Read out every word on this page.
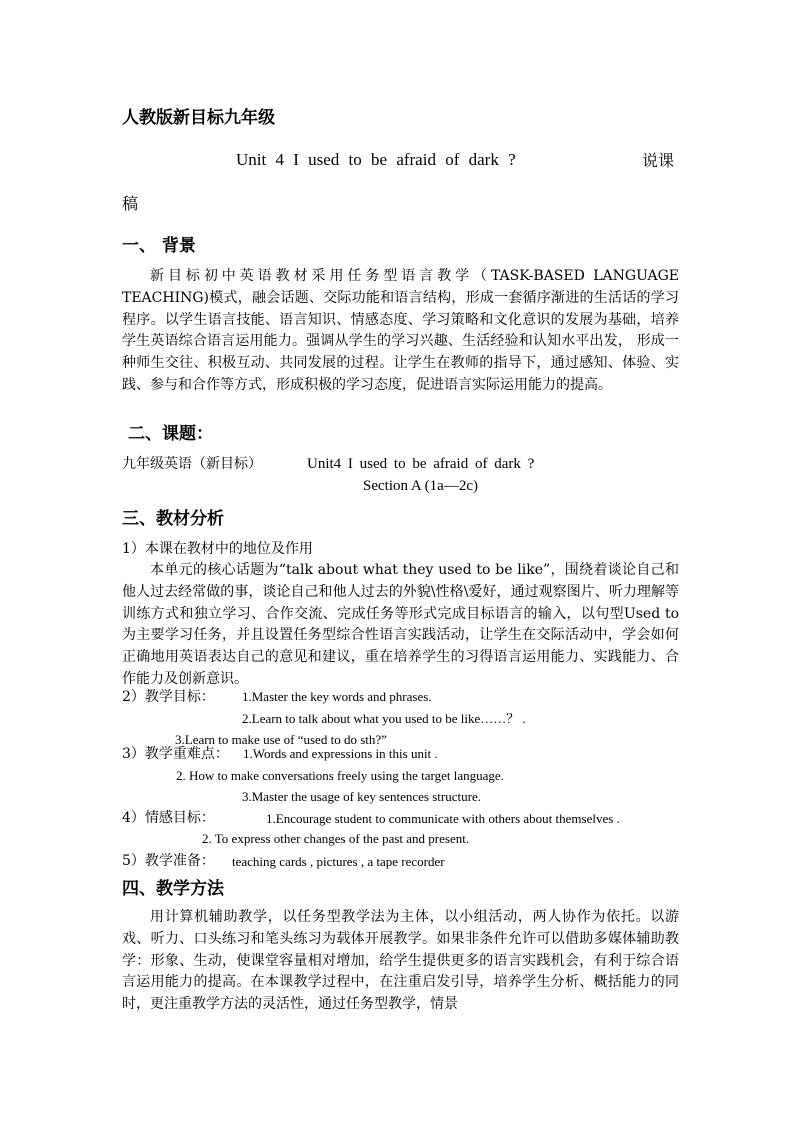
人教版新目标九年级
Unit 4 I used to be afraid of dark ?	说课
稿
一、 背景
新目标初中英语教材采用任务型语言教学（TASK-BASED LANGUAGE TEACHING)模式，融会话题、交际功能和语言结构，形成一套循序渐进的生活话的学习程序。以学生语言技能、语言知识、情感态度、学习策略和文化意识的发展为基础，培养学生英语综合语言运用能力。强调从学生的学习兴趣、生活经验和认知水平出发， 形成一种师生交往、积极互动、共同发展的过程。让学生在教师的指导下，通过感知、体验、实践、参与和合作等方式，形成积极的学习态度，促进语言实际运用能力的提高。
二、课题：
九年级英语（新目标）	Unit4 I used to be afraid of dark ?
Section A (1a—2c)
三、教材分析
1）本课在教材中的地位及作用
本单元的核心话题为“talk about what they used to be like”，围绕着谈论自己和他人过去经常做的事，谈论自己和他人过去的外貌\性格\爱好，通过观察图片、听力理解等训练方式和独立学习、合作交流、完成任务等形式完成目标语言的输入，以句型Used to 为主要学习任务，并且设置任务型综合性语言实践活动，让学生在交际活动中，学会如何正确地用英语表达自己的意见和建议，重在培养学生的习得语言运用能力、实践能力、合作能力及创新意识。
2）教学目标： 1.Master the key words and phrases.
2.Learn to talk about what you used to be like……？ .
3.Learn to make use of “used to do sth?”
3）教学重难点： 1.Words and expressions in this unit .
2. How to make conversations freely using the target language.
3.Master the usage of key sentences structure.
4）情感目标：	1.Encourage student to communicate with others about themselves .
2. To express other changes of the past and present.
5）教学准备： teaching cards , pictures , a tape recorder
四、教学方法
用计算机辅助教学，以任务型教学法为主体，以小组活动，两人协作为依托。以游戏、听力、口头练习和笔头练习为载体开展教学。如果非条件允许可以借助多媒体辅助教学：形象、生动，使课堂容量相对增加，给学生提供更多的语言实践机会，有利于综合语言运用能力的提高。在本课教学过程中，在注重启发引导，培养学生分析、概括能力的同时，更注重教学方法的灵活性，通过任务型教学，情景
